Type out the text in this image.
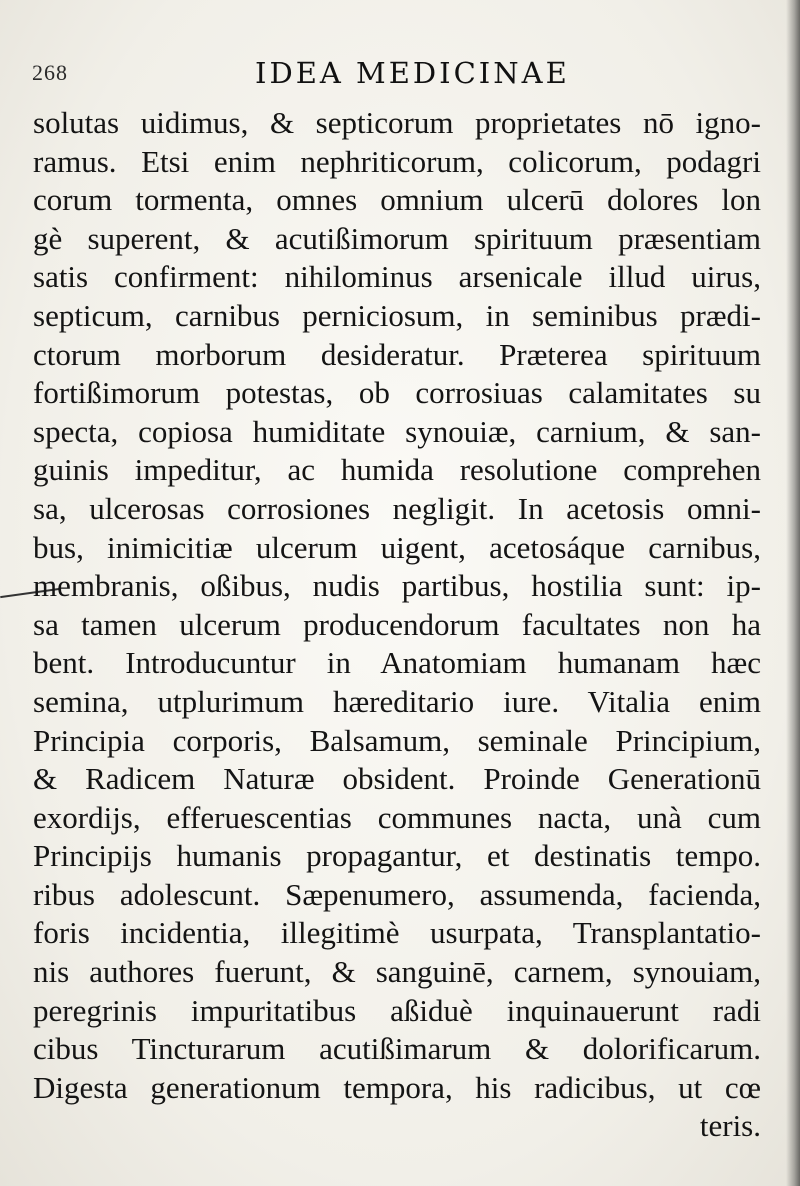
268	IDEA MEDICINAE
solutas uidimus, & septicorum proprietates nō igno-
ramus. Etsi enim nephriticorum, colicorum, podagri
corum tormenta, omnes omnium ulcerū dolores lon
gè superent, & acutißimorum spirituum præsentiam
satis confirment: nihilominus arsenicale illud uirus,
septicum, carnibus perniciosum, in seminibus prædi-
ctorum morborum desideratur. Præterea spirituum
fortißimorum potestas, ob corrosiuas calamitates su
specta, copiosa humiditate synouiæ, carnium, & san-
guinis impeditur, ac humida resolutione comprehen
sa, ulcerosas corrosiones negligit. In acetosis omni-
bus, inimicitiæ ulcerum uigent, acetosáque carnibus,
membranis, oßibus, nudis partibus, hostilia sunt: ip-
sa tamen ulcerum producendorum facultates non ha
bent. Introducuntur in Anatomiam humanam hæc
semina, utplurimum hæreditario iure. Vitalia enim
Principia corporis, Balsamum, seminale Principium,
& Radicem Naturæ obsident. Proinde Generationū
exordijs, efferuescentias communes nacta, unà cum
Principijs humanis propagantur, et destinatis tempo.
ribus adolescunt. Sæpenumero, assumenda, facienda,
foris incidentia, illegitimè usurpata, Transplantatio-
nis authores fuerunt, & sanguinē, carnem, synouiam,
peregrinis impuritatibus aßiduè inquinauerunt radi
cibus Tincturarum acutißimarum & dolorificarum.
Digesta generationum tempora, his radicibus, ut cœ
teris.
